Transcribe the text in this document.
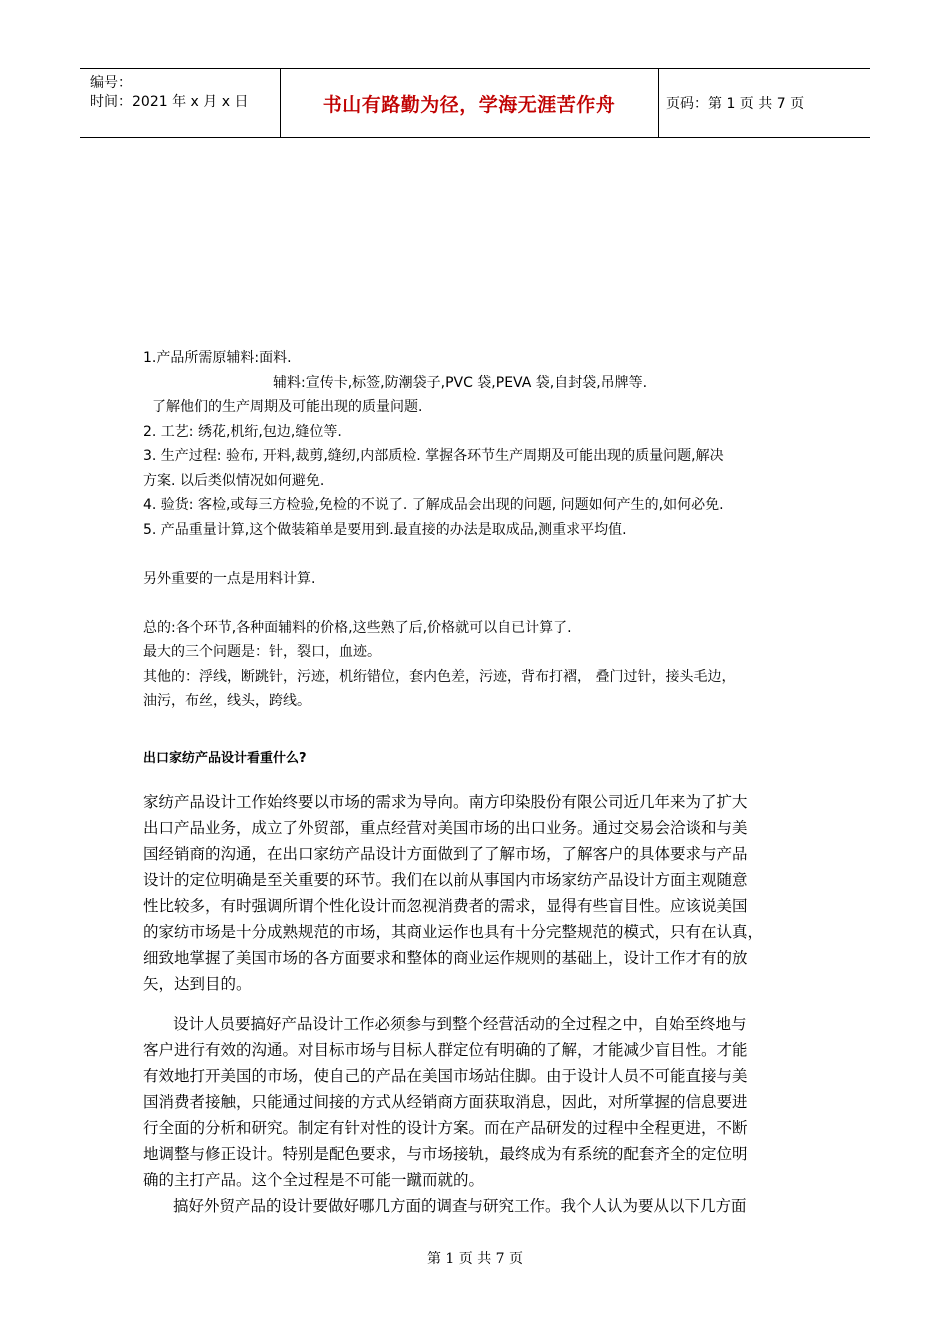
编号：
时间：2021 年 x 月 x 日	书山有路勤为径，学海无涯苦作舟	页码：第 1 页 共 7 页
1.产品所需原辅料:面料.
辅料:宣传卡,标签,防潮袋子,PVC 袋,PEVA 袋,自封袋,吊牌等.
了解他们的生产周期及可能出现的质量问题.
2. 工艺: 绣花,机绗,包边,缝位等.
3. 生产过程: 验布, 开料,裁剪,缝纫,内部质检. 掌握各环节生产周期及可能出现的质量问题,解决
方案. 以后类似情况如何避免.
4. 验货: 客检,或每三方检验,免检的不说了. 了解成品会出现的问题, 问题如何产生的,如何必免.
5. 产品重量计算,这个做装箱单是要用到.最直接的办法是取成品,测重求平均值.
另外重要的一点是用料计算.
总的:各个环节,各种面辅料的价格,这些熟了后,价格就可以自已计算了.
最大的三个问题是：针，裂口，血迹。
其他的：浮线，断跳针，污迹，机绗错位，套内色差，污迹，背布打褶， 叠门过针，接头毛边，
油污，布丝，线头，跨线。
出口家纺产品设计看重什么?
家纺产品设计工作始终要以市场的需求为导向。南方印染股份有限公司近几年来为了扩大
出口产品业务，成立了外贸部，重点经营对美国市场的出口业务。通过交易会洽谈和与美
国经销商的沟通，在出口家纺产品设计方面做到了了解市场，了解客户的具体要求与产品
设计的定位明确是至关重要的环节。我们在以前从事国内市场家纺产品设计方面主观随意
性比较多，有时强调所谓个性化设计而忽视消费者的需求，显得有些盲目性。应该说美国
的家纺市场是十分成熟规范的市场，其商业运作也具有十分完整规范的模式，只有在认真，
细致地掌握了美国市场的各方面要求和整体的商业运作规则的基础上，设计工作才有的放
矢，达到目的。
设计人员要搞好产品设计工作必须参与到整个经营活动的全过程之中，自始至终地与
客户进行有效的沟通。对目标市场与目标人群定位有明确的了解，才能减少盲目性。才能
有效地打开美国的市场，使自己的产品在美国市场站住脚。由于设计人员不可能直接与美
国消费者接触，只能通过间接的方式从经销商方面获取消息，因此，对所掌握的信息要进
行全面的分析和研究。制定有针对性的设计方案。而在产品研发的过程中全程更进，不断
地调整与修正设计。特别是配色要求，与市场接轨，最终成为有系统的配套齐全的定位明
确的主打产品。这个全过程是不可能一蹴而就的。
搞好外贸产品的设计要做好哪几方面的调查与研究工作。我个人认为要从以下几方面
第 1 页 共 7 页
